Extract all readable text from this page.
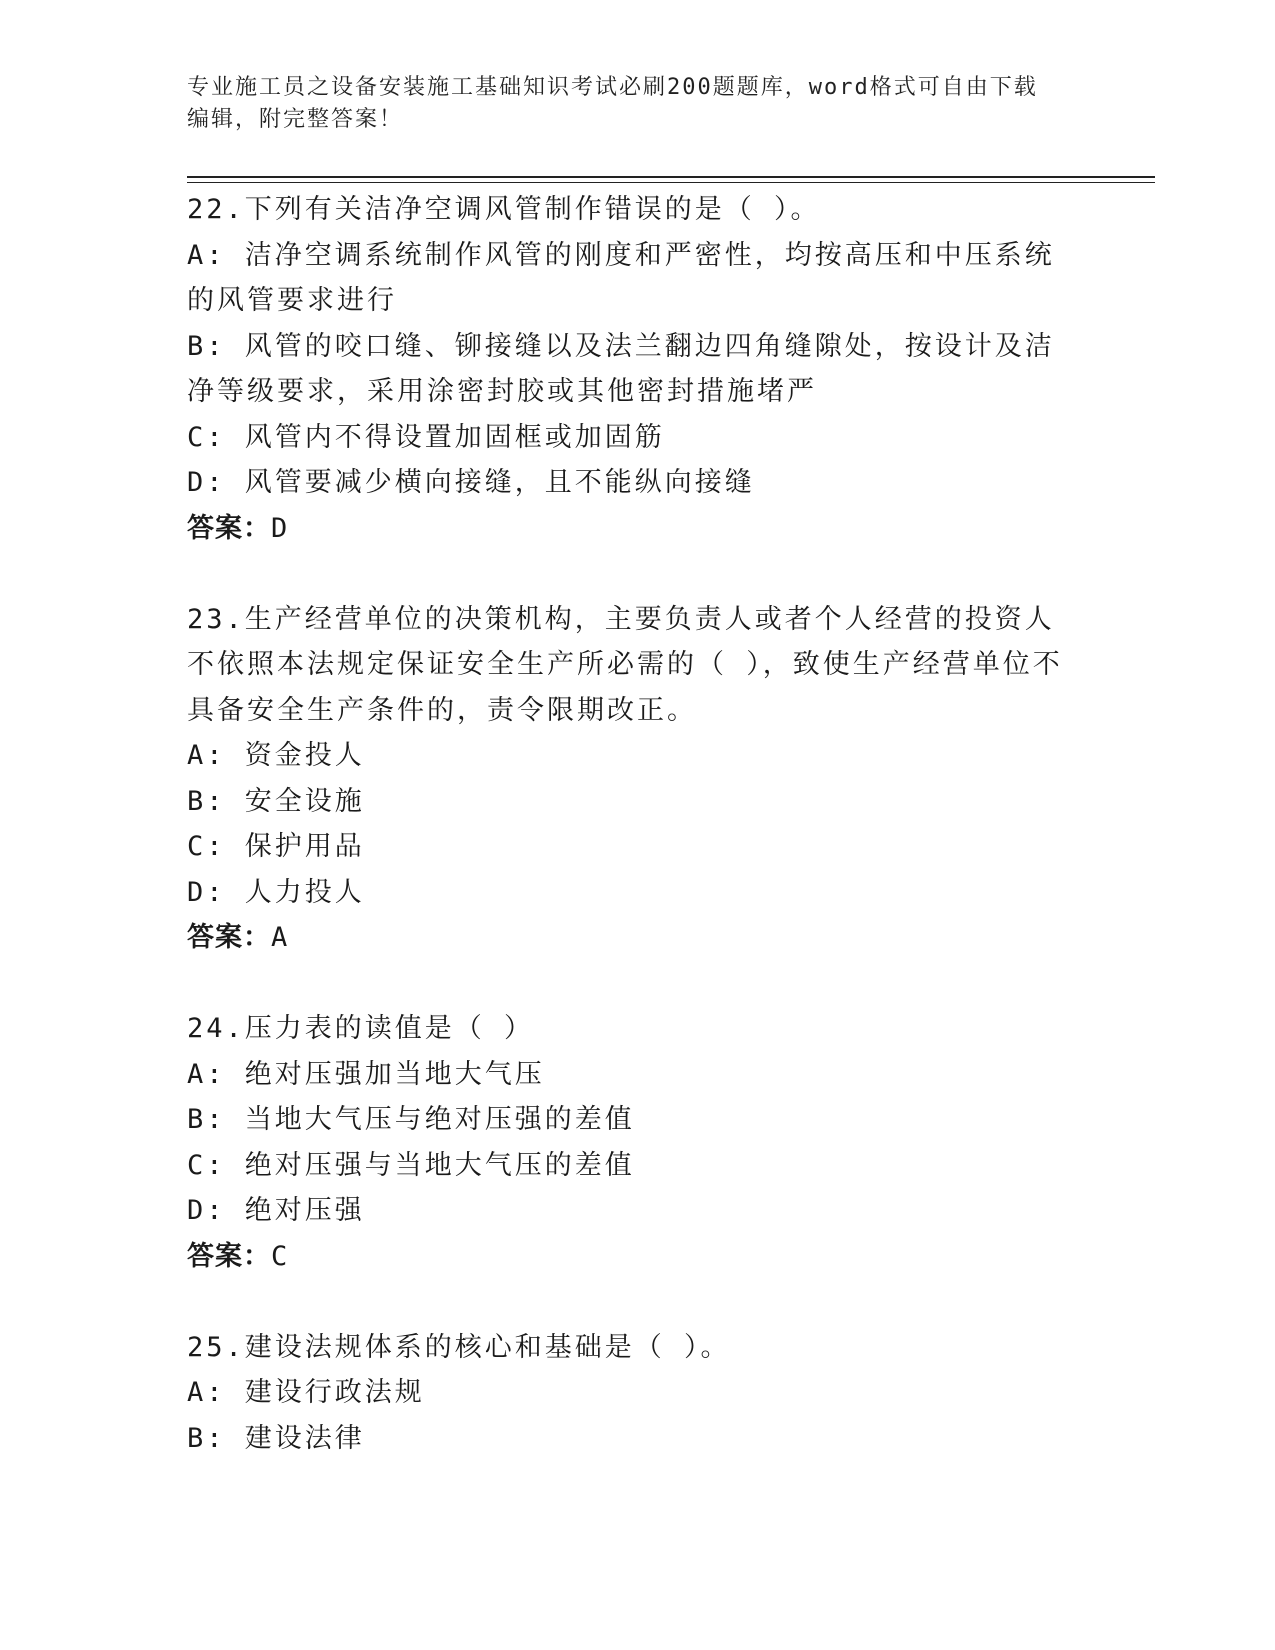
专业施工员之设备安装施工基础知识考试必刷200题题库，word格式可自由下载
编辑，附完整答案！
22.下列有关洁净空调风管制作错误的是（ ）。
A: 洁净空调系统制作风管的刚度和严密性，均按高压和中压系统的风管要求进行
B: 风管的咬口缝、铆接缝以及法兰翻边四角缝隙处，按设计及洁净等级要求，采用涂密封胶或其他密封措施堵严
C: 风管内不得设置加固框或加固筋
D: 风管要减少横向接缝，且不能纵向接缝
答案：D
23.生产经营单位的决策机构，主要负责人或者个人经营的投资人不依照本法规定保证安全生产所必需的（ ），致使生产经营单位不具备安全生产条件的，责令限期改正。
A: 资金投人
B: 安全设施
C: 保护用品
D: 人力投人
答案：A
24.压力表的读值是（ ）
A: 绝对压强加当地大气压
B: 当地大气压与绝对压强的差值
C: 绝对压强与当地大气压的差值
D: 绝对压强
答案：C
25.建设法规体系的核心和基础是（ ）。
A: 建设行政法规
B: 建设法律
